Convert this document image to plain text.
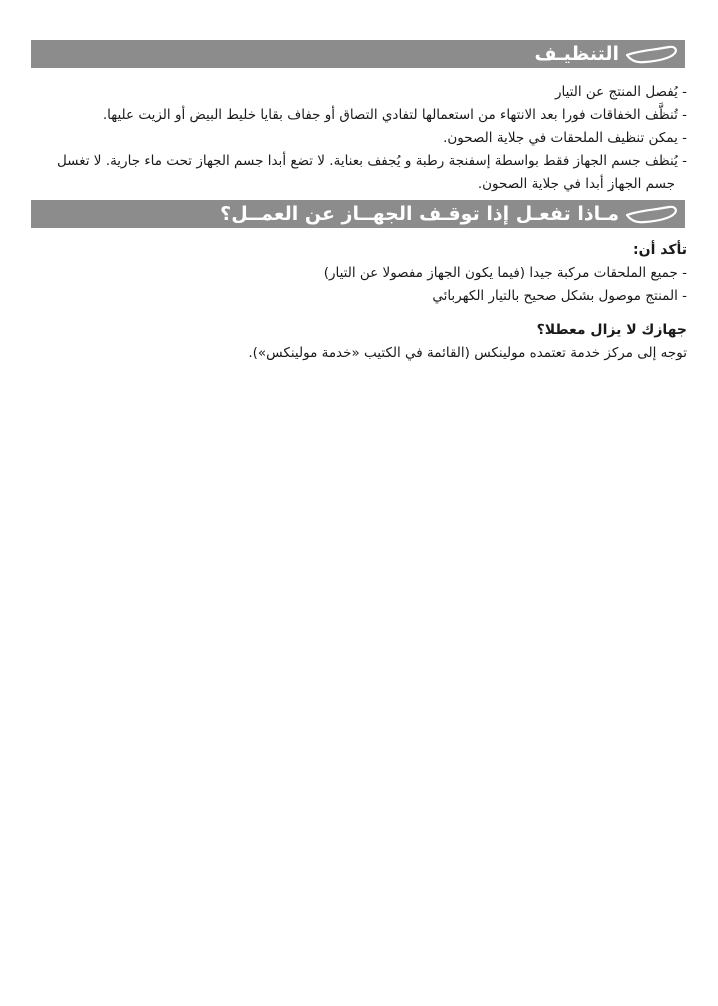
التنظيـف
- يُفصل المنتج عن التيار
- تُنظَّف الخفاقات فورا بعد الانتهاء من استعمالها لتفادي التصاق أو جفاف بقايا خليط البيض أو الزيت عليها.
- يمكن تنظيف الملحقات في جلاية الصحون.
- يُنظف جسم الجهاز فقط بواسطة إسفنجة رطبة و يُجفف بعناية. لا تضع أبدا جسم الجهاز تحت ماء جارية. لا تغسل
جسم الجهاز أبدا في جلاية الصحون.
مـاذا تفعـل إذا توقـف الجهــاز عن العمــل؟
تأكد أن:
- جميع الملحقات مركبة جيدا (فيما يكون الجهاز مفصولا عن التيار)
- المنتج موصول بشكل صحيح بالتيار الكهربائي
جهازك لا يزال معطلا؟
توجه إلى مركز خدمة تعتمده مولينكس (القائمة في الكتيب «خدمة مولينكس»).
